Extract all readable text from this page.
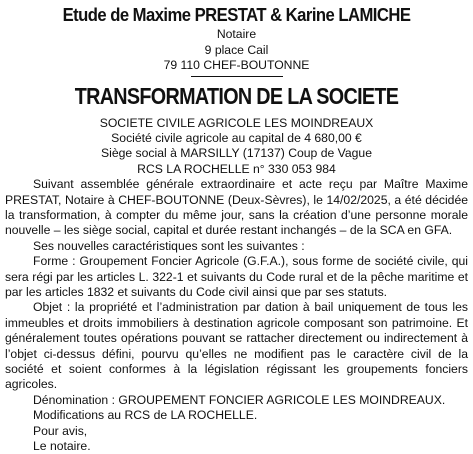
Etude de Maxime PRESTAT & Karine LAMICHE
Notaire
9 place Cail
79 110 CHEF-BOUTONNE
TRANSFORMATION DE LA SOCIETE
SOCIETE CIVILE AGRICOLE LES MOINDREAUX
Société civile agricole au capital de 4 680,00 €
Siège social à MARSILLY (17137) Coup de Vague
RCS LA ROCHELLE n° 330 053 984

Suivant assemblée générale extraordinaire et acte reçu par Maître Maxime PRESTAT, Notaire à CHEF-BOUTONNE (Deux-Sèvres), le 14/02/2025, a été décidée la transformation, à compter du même jour, sans la création d’une personne morale nouvelle – les siège social, capital et durée restant inchangés – de la SCA en GFA.

Ses nouvelles caractéristiques sont les suivantes :

Forme : Groupement Foncier Agricole (G.F.A.), sous forme de société civile, qui sera régi par les articles L. 322-1 et suivants du Code rural et de la pêche maritime et par les articles 1832 et suivants du Code civil ainsi que par ses statuts.

Objet : la propriété et l’administration par dation à bail uniquement de tous les immeubles et droits immobiliers à destination agricole composant son patrimoine. Et généralement toutes opérations pouvant se rattacher directement ou indirectement à l’objet ci-dessus défini, pourvu qu’elles ne modifient pas le caractère civil de la société et soient conformes à la législation régissant les groupements fonciers agricoles.

Dénomination : GROUPEMENT FONCIER AGRICOLE LES MOINDREAUX.

Modifications au RCS de LA ROCHELLE.

Pour avis,
Le notaire.
